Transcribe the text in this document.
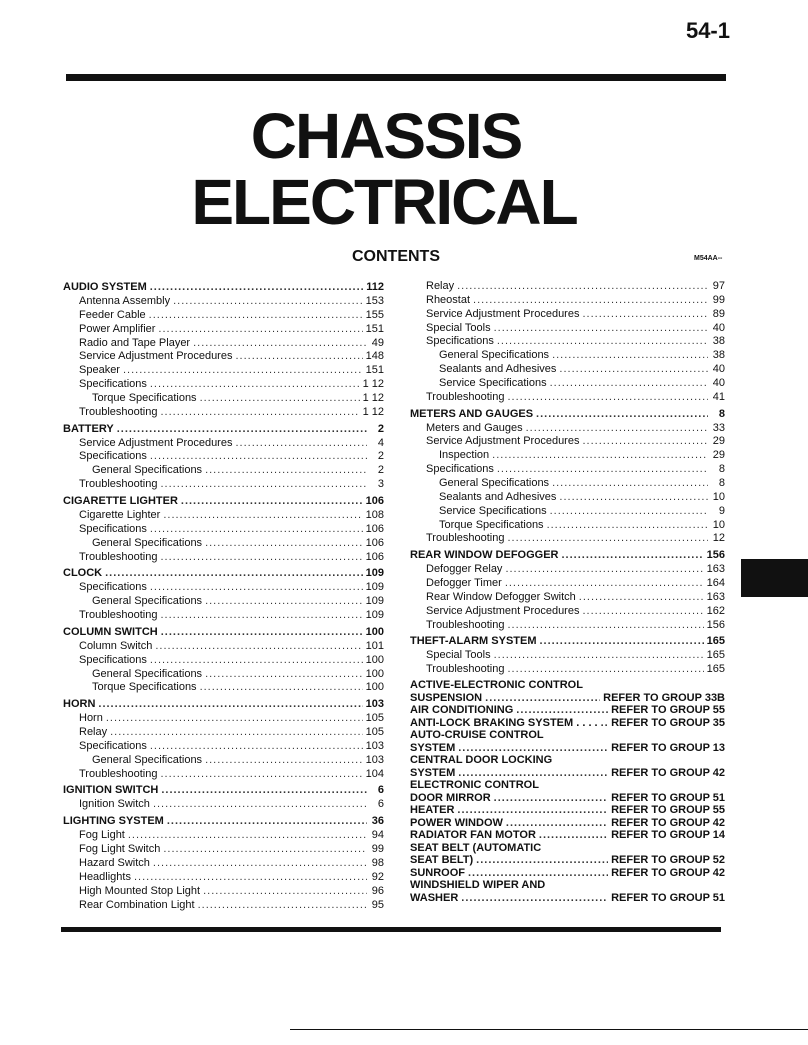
54-1
CHASSIS
ELECTRICAL
CONTENTS	M54AA--
AUDIO SYSTEM .....	112
Antenna Assembly .....	153
Feeder Cable .....	155
Power Amplifier .....	151
Radio and Tape Player .....	49
Service Adjustment Procedures .....	148
Speaker .....	151
Specifications .....	1 12
Torque Specifications .....	1 12
Troubleshooting .....	1 12
BATTERY .....	2
Service Adjustment Procedures .....	4
Specifications .....	2
General Specifications .....	2
Troubleshooting .....	3
CIGARETTE LIGHTER .....	106
Cigarette Lighter .....	108
Specifications .....	106
General Specifications .....	106
Troubleshooting .....	106
CLOCK .....	109
Specifications .....	109
General Specifications .....	109
Troubleshooting .....	109
COLUMN SWITCH .....	100
Column Switch .....	101
Specifications .....	100
General Specifications .....	100
Torque Specifications .....	100
HORN .....	103
Horn .....	105
Relay .....	105
Specifications .....	103
General Specifications .....	103
Troubleshooting .....	104
IGNITION SWITCH .....	6
Ignition Switch .....	6
LIGHTING SYSTEM .....	36
Fog Light .....	94
Fog Light Switch .....	99
Hazard Switch .....	98
Headlights .....	92
High Mounted Stop Light .....	96
Rear Combination Light .....	95
Relay .....	97
Rheostat .....	99
Service Adjustment Procedures .....	89
Special Tools .....	40
Specifications .....	38
General Specifications .....	38
Sealants and Adhesives .....	40
Service Specifications .....	40
Troubleshooting .....	41
METERS AND GAUGES .....	8
Meters and Gauges .....	33
Service Adjustment Procedures .....	29
Inspection .....	29
Specifications .....	8
General Specifications .....	8
Sealants and Adhesives .....	10
Service Specifications .....	9
Torque Specifications .....	10
Troubleshooting .....	12
REAR WINDOW DEFOGGER .....	156
Defogger Relay .....	163
Defogger Timer .....	164
Rear Window Defogger Switch .....	163
Service Adjustment Procedures .....	162
Troubleshooting .....	156
THEFT-ALARM SYSTEM .....	165
Special Tools .....	165
Troubleshooting .....	165
ACTIVE-ELECTRONIC CONTROL
SUSPENSION .....	REFER TO GROUP 33B
AIR CONDITIONING .....	REFER TO GROUP 55
ANTI-LOCK BRAKING SYSTEM . . . . ..... REFER TO GROUP 35
AUTO-CRUISE CONTROL
SYSTEM .....	REFER TO GROUP 13
CENTRAL DOOR LOCKING
SYSTEM .....	REFER TO GROUP 42
ELECTRONIC CONTROL
DOOR MIRROR .....	REFER TO GROUP 51
HEATER .....	REFER TO GROUP 55
POWER WINDOW .....	REFER TO GROUP 42
RADIATOR FAN MOTOR .....	REFER TO GROUP 14
SEAT BELT (AUTOMATIC
SEAT BELT) .....	REFER TO GROUP 52
SUNROOF .....	REFER TO GROUP 42
WINDSHIELD WIPER AND
WASHER .....	REFER TO GROUP 51
